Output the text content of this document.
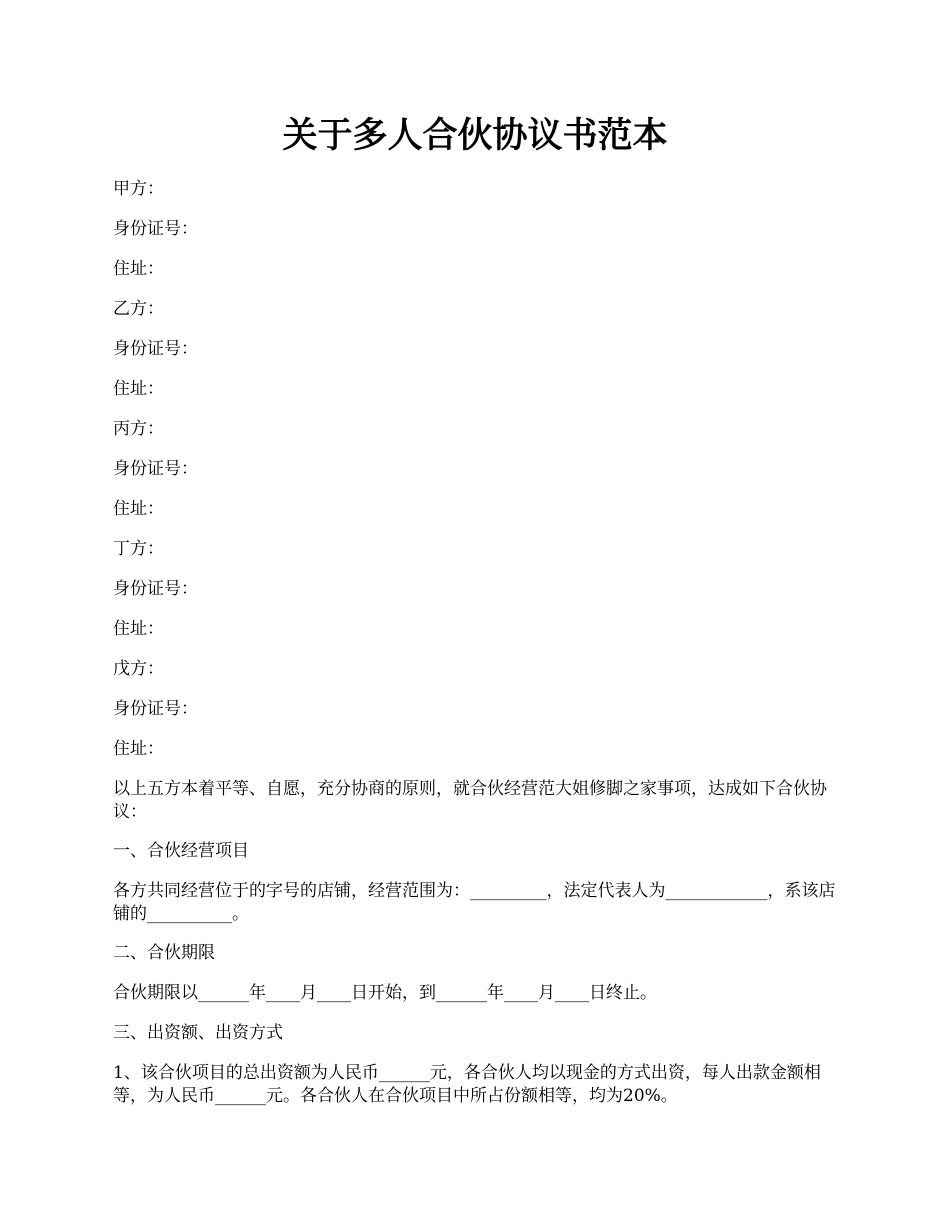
关于多人合伙协议书范本

甲方：

身份证号：

住址：

乙方：

身份证号：

住址：

丙方：

身份证号：

住址：

丁方：

身份证号：

住址：

戊方：

身份证号：

住址：

以上五方本着平等、自愿，充分协商的原则，就合伙经营范大姐修脚之家事项，达成如下合伙协议：

一、合伙经营项目

各方共同经营位于的字号的店铺，经营范围为：_________，法定代表人为____________，系该店铺的__________。

二、合伙期限

合伙期限以______年____月____日开始，到______年____月____日终止。

三、出资额、出资方式

1、该合伙项目的总出资额为人民币______元，各合伙人均以现金的方式出资，每人出款金额相等，为人民币______元。各合伙人在合伙项目中所占份额相等，均为20%。
